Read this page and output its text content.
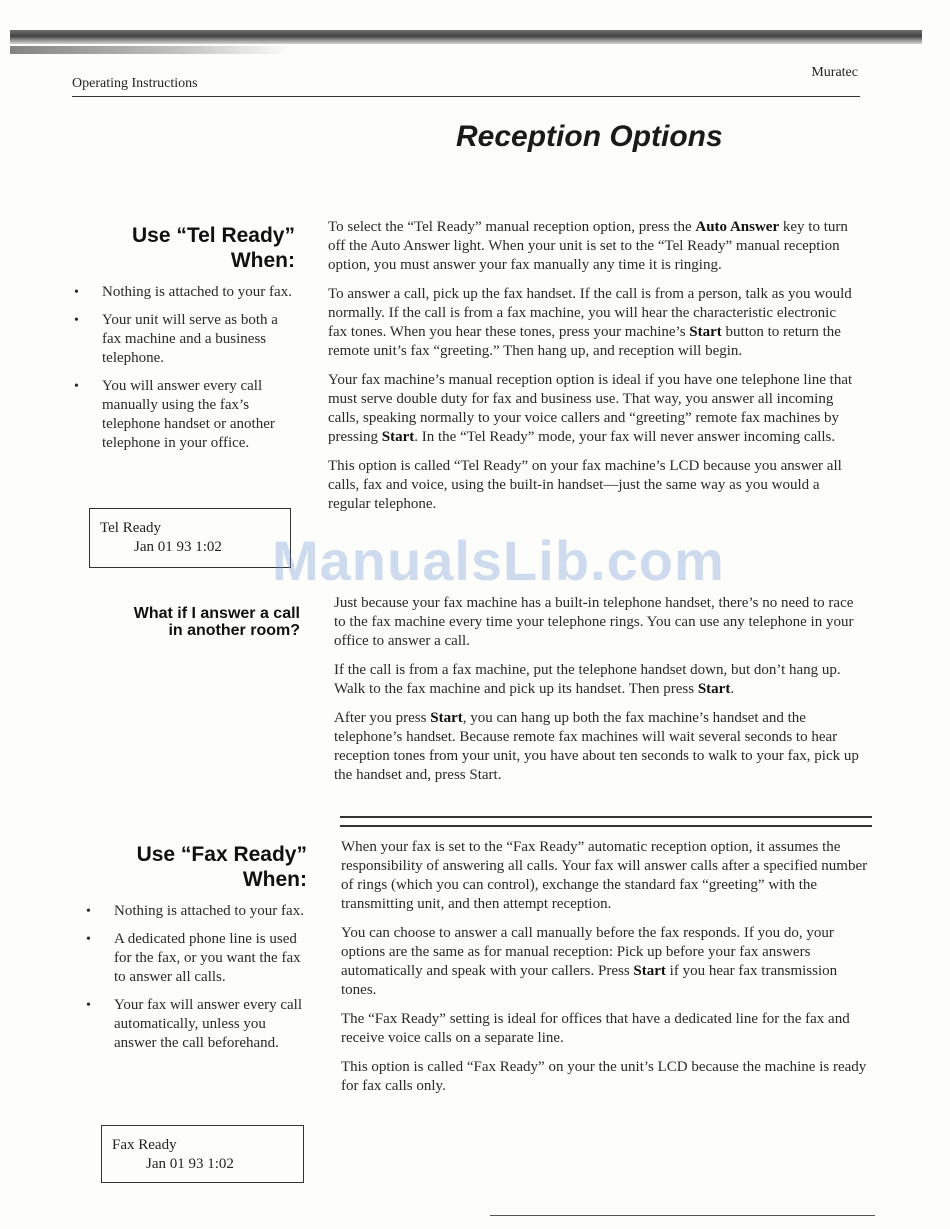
Operating Instructions
Muratec
Reception Options
Use “Tel Ready”
When:
• Nothing is attached to your fax.
• Your unit will serve as both a fax machine and a business telephone.
• You will answer every call manually using the fax’s telephone handset or another telephone in your office.
Tel Ready
Jan 01 93 1:02

To select the “Tel Ready” manual reception option, press the Auto Answer key to turn off the Auto Answer light. When your unit is set to the “Tel Ready” manual reception option, you must answer your fax manually any time it is ringing.

To answer a call, pick up the fax handset. If the call is from a person, talk as you would normally. If the call is from a fax machine, you will hear the characteristic electronic fax tones. When you hear these tones, press your machine’s Start button to return the remote unit’s fax “greeting.” Then hang up, and reception will begin.

Your fax machine’s manual reception option is ideal if you have one telephone line that must serve double duty for fax and business use. That way, you answer all incoming calls, speaking normally to your voice callers and “greeting” remote fax machines by pressing Start. In the “Tel Ready” mode, your fax will never answer incoming calls.

This option is called “Tel Ready” on your fax machine’s LCD because you answer all calls, fax and voice, using the built-in handset—just the same way as you would a regular telephone.

What if I answer a call
in another room?

Just because your fax machine has a built-in telephone handset, there’s no need to race to the fax machine every time your telephone rings. You can use any telephone in your office to answer a call.

If the call is from a fax machine, put the telephone handset down, but don’t hang up. Walk to the fax machine and pick up its handset. Then press Start.

After you press Start, you can hang up both the fax machine’s handset and the telephone’s handset. Because remote fax machines will wait several seconds to hear reception tones from your unit, you have about ten seconds to walk to your fax, pick up the handset and, press Start.

Use “Fax Ready”
When:
• Nothing is attached to your fax.
• A dedicated phone line is used for the fax, or you want the fax to answer all calls.
• Your fax will answer every call automatically, unless you answer the call beforehand.
Fax Ready
Jan 01 93 1:02

When your fax is set to the “Fax Ready” automatic reception option, it assumes the responsibility of answering all calls. Your fax will answer calls after a specified number of rings (which you can control), exchange the standard fax “greeting” with the transmitting unit, and then attempt reception.

You can choose to answer a call manually before the fax responds. If you do, your options are the same as for manual reception: Pick up before your fax answers automatically and speak with your callers. Press Start if you hear fax transmission tones.

The “Fax Ready” setting is ideal for offices that have a dedicated line for the fax and receive voice calls on a separate line.

This option is called “Fax Ready” on your the unit’s LCD because the machine is ready for fax calls only.

ManualsLib.com
